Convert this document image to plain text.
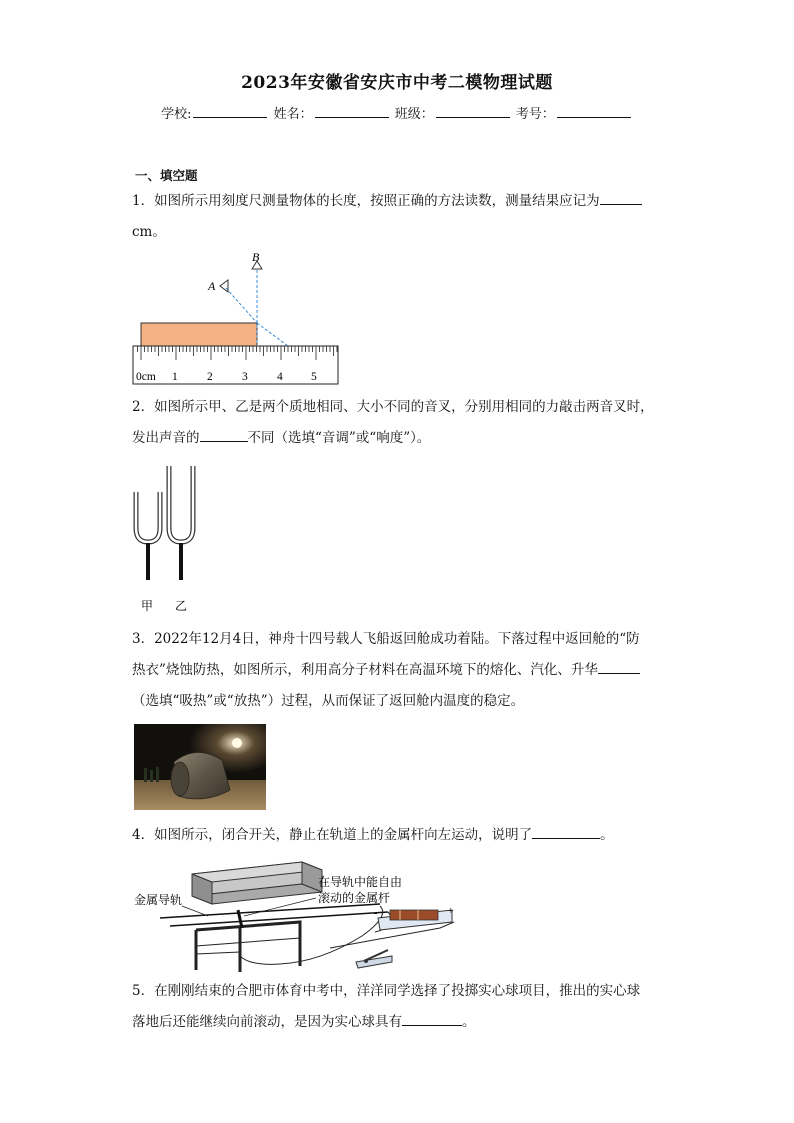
2023年安徽省安庆市中考二模物理试题
学校:	姓名：	班级：	考号：
一、填空题
1．如图所示用刻度尺测量物体的长度，按照正确的方法读数，测量结果应记为
cm。
A
B
0cm 1	2	3	4 5
2．如图所示甲、乙是两个质地相同、大小不同的音叉，分别用相同的力敲击两音叉时，
发出声音的	不同（选填“音调”或“响度”）。
甲 乙
3．2022年12月4日，神舟十四号载人飞船返回舱成功着陆。下落过程中返回舱的“防
热衣”烧蚀防热，如图所示，利用高分子材料在高温环境下的熔化、汽化、升华
（选填“吸热”或“放热”）过程，从而保证了返回舱内温度的稳定。
4．如图所示，闭合开关，静止在轨道上的金属杆向左运动，说明了	。
-	+
金属导轨
在导轨中能自由
滚动的金属杆
5．在刚刚结束的合肥市体育中考中，洋洋同学选择了投掷实心球项目，推出的实心球
落地后还能继续向前滚动，是因为实心球具有	。
